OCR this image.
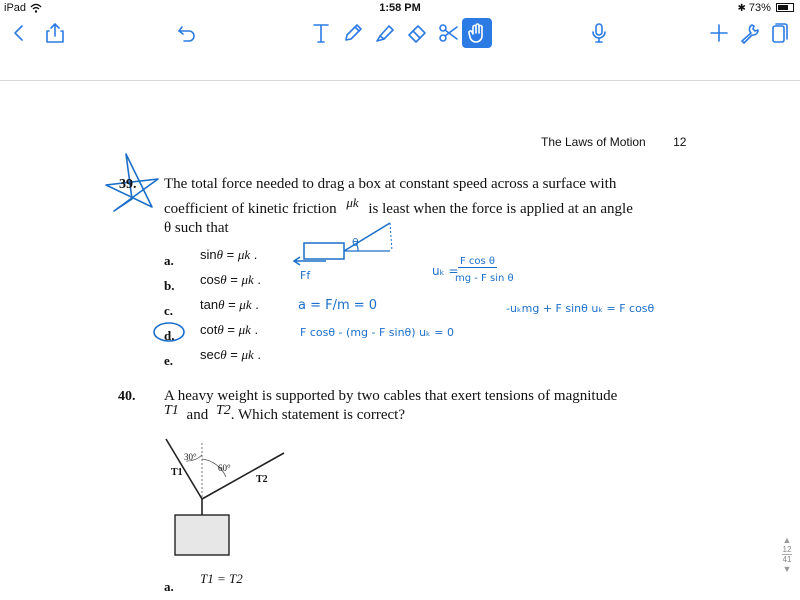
iPad	1:58 PM	✱ 73%
The Laws of Motion 12
39. The total force needed to drag a box at constant speed across a surface with
coefficient of kinetic friction μk is least when the force is applied at an angle
θ such that
a. sinθ = μk .
b. cosθ = μk .
c. tanθ = μk .
d. cotθ = μk .
e. secθ = μk .
θ
Ff	uₖ =
F cos θ
mg - F sin θ
a = F/m = 0	-uₖmg + F sinθ uₖ = F cosθ
F cosθ - (mg - F sinθ) uₖ = 0
40. A heavy weight is supported by two cables that exert tensions of magnitude
T1 and T2. Which statement is correct?
30°
60°
T1
T2
a.
T1 = T2
▲
12
41
▼
